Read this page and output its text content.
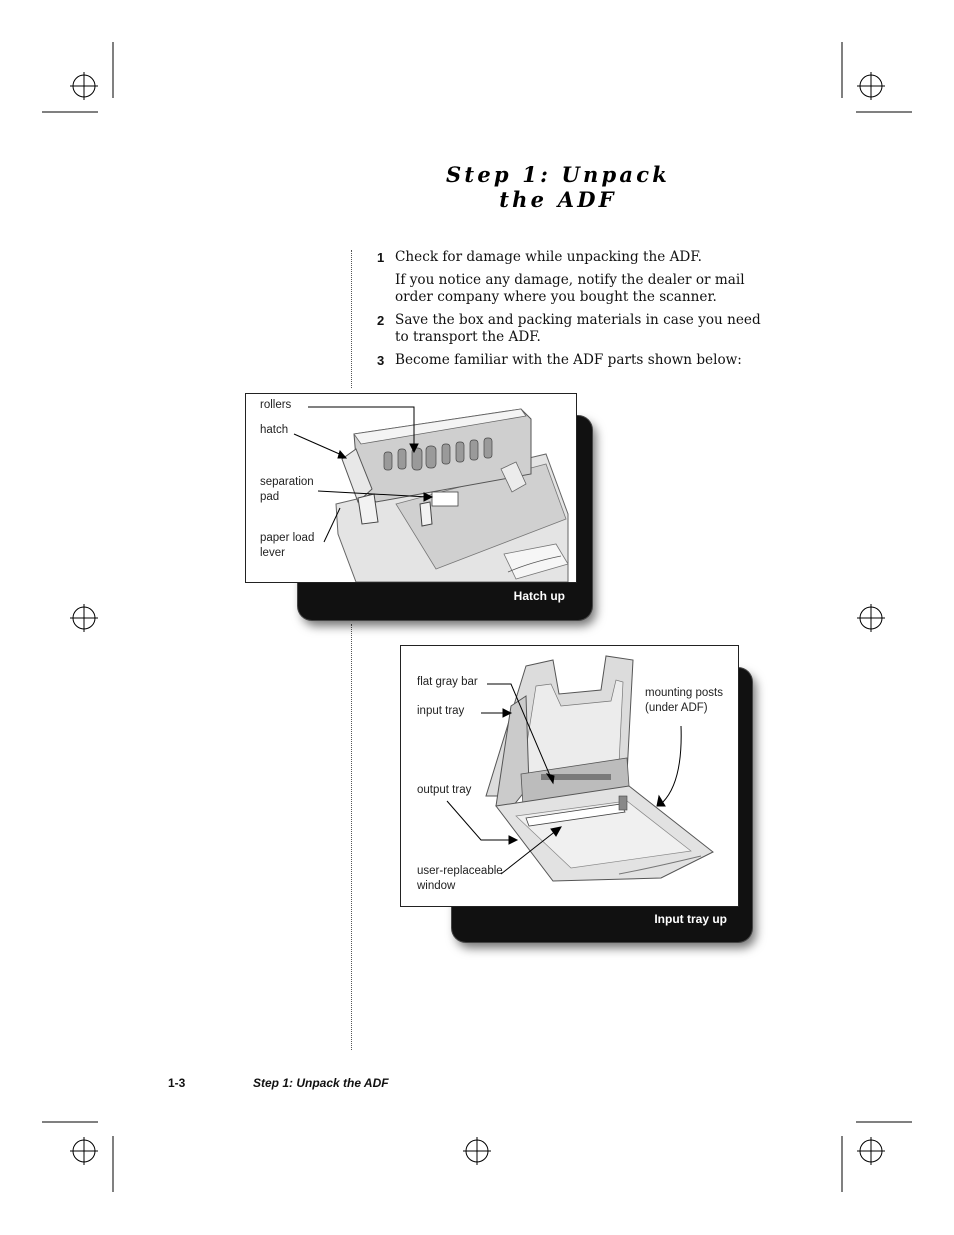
Step 1: Unpack
the ADF
1 Check for damage while unpacking the ADF.

If you notice any damage, notify the dealer or mail order company where you bought the scanner.

2 Save the box and packing materials in case you need to transport the ADF.

3 Become familiar with the ADF parts shown below:

Hatch up
rollers
hatch
separation
pad
paper load
lever
Input tray up
flat gray bar
input tray
mounting posts
(under ADF)
output tray
user-replaceable
window
1-3	Step 1: Unpack the ADF
